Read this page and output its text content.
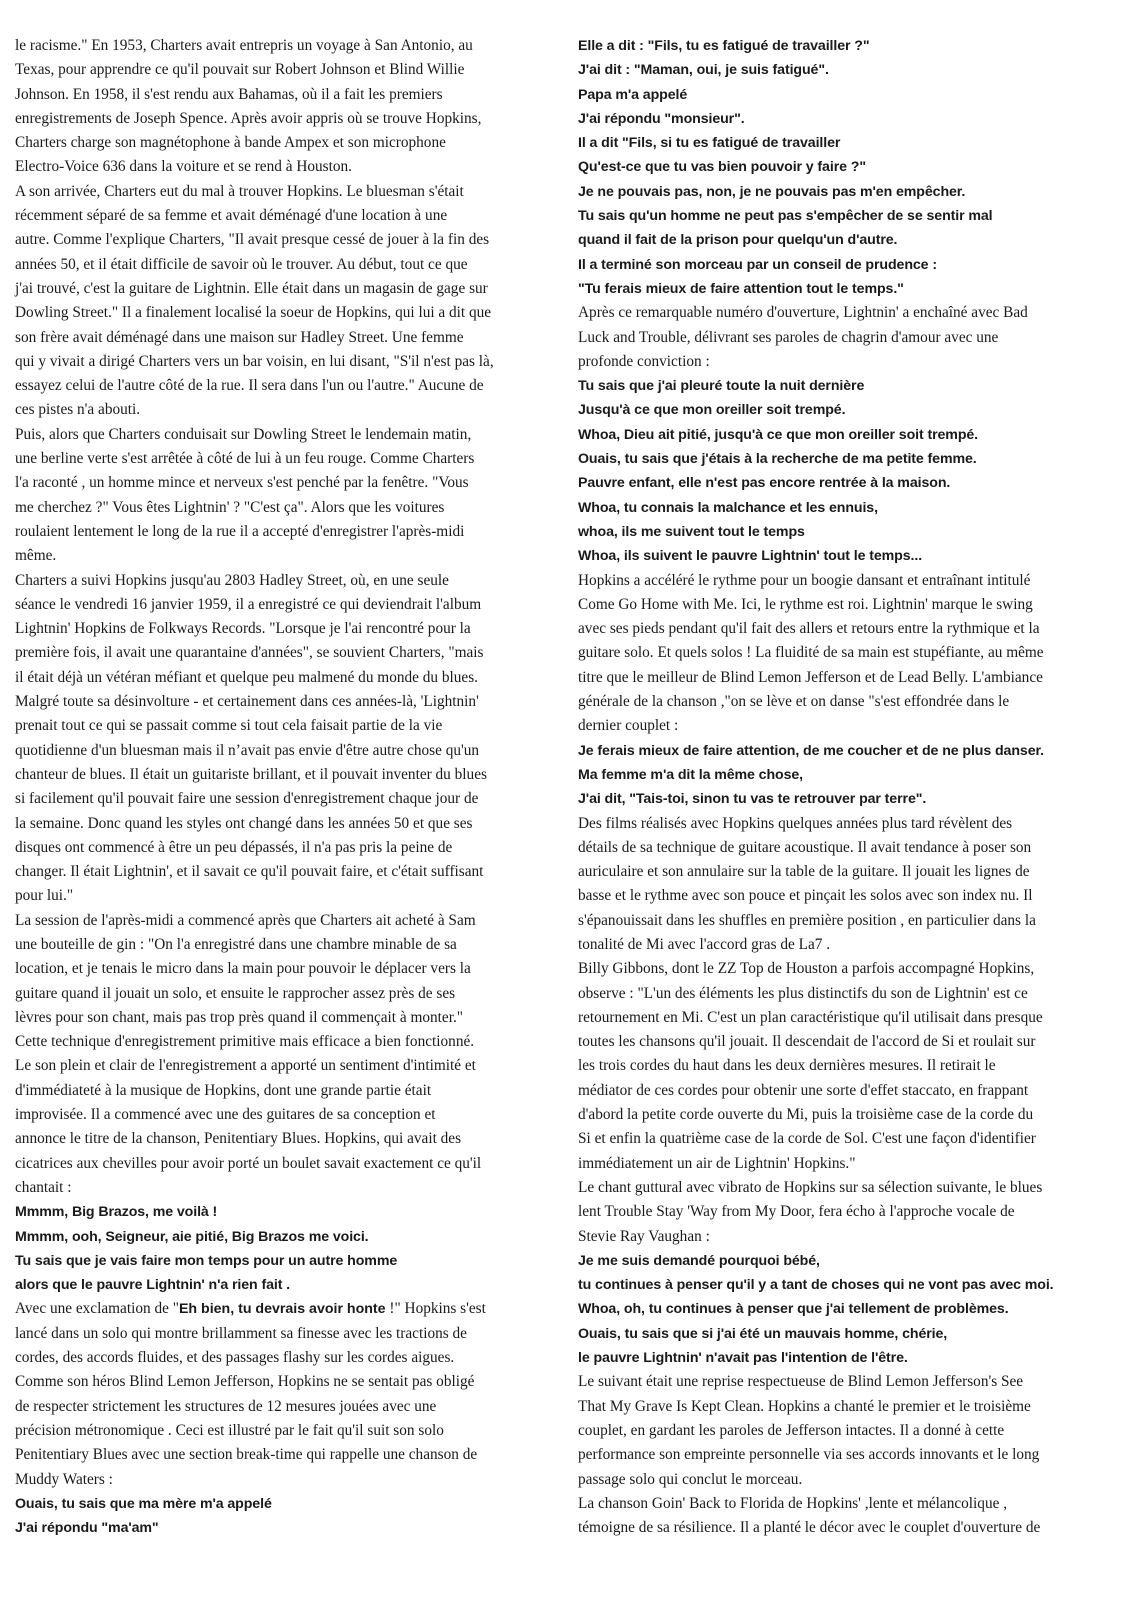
le racisme." En 1953, Charters avait entrepris un voyage à San Antonio, au

Texas, pour apprendre ce qu'il pouvait sur Robert Johnson et Blind Willie

Johnson. En 1958, il s'est rendu aux Bahamas, où il a fait les premiers

enregistrements de Joseph Spence. Après avoir appris où se trouve Hopkins,

Charters charge son magnétophone à bande Ampex et son microphone

Electro-Voice 636 dans la voiture et se rend à Houston.

A son arrivée, Charters eut du mal à trouver Hopkins. Le bluesman s'était

récemment séparé de sa femme et avait déménagé d'une location à une

autre. Comme l'explique Charters, "Il avait presque cessé de jouer à la fin des

années 50, et il était difficile de savoir où le trouver. Au début, tout ce que

j'ai trouvé, c'est la guitare de Lightnin. Elle était dans un magasin de gage sur

Dowling Street." Il a finalement localisé la soeur de Hopkins, qui lui a dit que

son frère avait déménagé dans une maison sur Hadley Street. Une femme

qui y vivait a dirigé Charters vers un bar voisin, en lui disant, "S'il n'est pas là,

essayez celui de l'autre côté de la rue. Il sera dans l'un ou l'autre." Aucune de

ces pistes n'a abouti.

Puis, alors que Charters conduisait sur Dowling Street le lendemain matin,

une berline verte s'est arrêtée à côté de lui à un feu rouge. Comme Charters

l'a raconté , un homme mince et nerveux s'est penché par la fenêtre. "Vous

me cherchez ?" Vous êtes Lightnin' ? "C'est ça". Alors que les voitures

roulaient lentement le long de la rue il a accepté d'enregistrer l'après-midi

même.

Charters a suivi Hopkins jusqu'au 2803 Hadley Street, où, en une seule

séance le vendredi 16 janvier 1959, il a enregistré ce qui deviendrait l'album

Lightnin' Hopkins de Folkways Records. "Lorsque je l'ai rencontré pour la

première fois, il avait une quarantaine d'années", se souvient Charters, "mais

il était déjà un vétéran méfiant et quelque peu malmené du monde du blues.

Malgré toute sa désinvolture - et certainement dans ces années-là, 'Lightnin'

prenait tout ce qui se passait comme si tout cela faisait partie de la vie

quotidienne d'un bluesman mais il n’avait pas envie d'être autre chose qu'un

chanteur de blues. Il était un guitariste brillant, et il pouvait inventer du blues

si facilement qu'il pouvait faire une session d'enregistrement chaque jour de

la semaine. Donc quand les styles ont changé dans les années 50 et que ses

disques ont commencé à être un peu dépassés, il n'a pas pris la peine de

changer. Il était Lightnin', et il savait ce qu'il pouvait faire, et c'était suffisant

pour lui."

La session de l'après-midi a commencé après que Charters ait acheté à Sam

une bouteille de gin : "On l'a enregistré dans une chambre minable de sa

location, et je tenais le micro dans la main pour pouvoir le déplacer vers la

guitare quand il jouait un solo, et ensuite le rapprocher assez près de ses

lèvres pour son chant, mais pas trop près quand il commençait à monter."

Cette technique d'enregistrement primitive mais efficace a bien fonctionné.

Le son plein et clair de l'enregistrement a apporté un sentiment d'intimité et

d'immédiateté à la musique de Hopkins, dont une grande partie était

improvisée. Il a commencé avec une des guitares de sa conception et

annonce le titre de la chanson, Penitentiary Blues. Hopkins, qui avait des

cicatrices aux chevilles pour avoir porté un boulet savait exactement ce qu'il

chantait :

Mmmm, Big Brazos, me voilà !

Mmmm, ooh, Seigneur, aie pitié, Big Brazos me voici.

Tu sais que je vais faire mon temps pour un autre homme

alors que le pauvre Lightnin' n'a rien fait .

Avec une exclamation de "Eh bien, tu devrais avoir honte !" Hopkins s'est

lancé dans un solo qui montre brillamment sa finesse avec les tractions de

cordes, des accords fluides, et des passages flashy sur les cordes aigues.

Comme son héros Blind Lemon Jefferson, Hopkins ne se sentait pas obligé

de respecter strictement les structures de 12 mesures jouées avec une

précision métronomique . Ceci est illustré par le fait qu'il suit son solo

Penitentiary Blues avec une section break-time qui rappelle une chanson de

Muddy Waters :

Ouais, tu sais que ma mère m'a appelé

J'ai répondu "ma'am"

Elle a dit : "Fils, tu es fatigué de travailler ?"

J'ai dit : "Maman, oui, je suis fatigué".

Papa m'a appelé

J'ai répondu "monsieur".

Il a dit "Fils, si tu es fatigué de travailler

Qu'est-ce que tu vas bien pouvoir y faire ?"

Je ne pouvais pas, non, je ne pouvais pas m'en empêcher.

Tu sais qu'un homme ne peut pas s'empêcher de se sentir mal

quand il fait de la prison pour quelqu'un d'autre.

Il a terminé son morceau par un conseil de prudence :

"Tu ferais mieux de faire attention tout le temps."

Après ce remarquable numéro d'ouverture, Lightnin' a enchaîné avec Bad

Luck and Trouble, délivrant ses paroles de chagrin d'amour avec une

profonde conviction :

Tu sais que j'ai pleuré toute la nuit dernière

Jusqu'à ce que mon oreiller soit trempé.

Whoa, Dieu ait pitié, jusqu'à ce que mon oreiller soit trempé.

Ouais, tu sais que j'étais à la recherche de ma petite femme.

Pauvre enfant, elle n'est pas encore rentrée à la maison.

Whoa, tu connais la malchance et les ennuis,

whoa, ils me suivent tout le temps

Whoa, ils suivent le pauvre Lightnin' tout le temps...

Hopkins a accéléré le rythme pour un boogie dansant et entraînant intitulé

Come Go Home with Me. Ici, le rythme est roi. Lightnin' marque le swing

avec ses pieds pendant qu'il fait des allers et retours entre la rythmique et la

guitare solo. Et quels solos ! La fluidité de sa main est stupéfiante, au même

titre que le meilleur de Blind Lemon Jefferson et de Lead Belly. L'ambiance

générale de la chanson ,"on se lève et on danse "s'est effondrée dans le

dernier couplet :

Je ferais mieux de faire attention, de me coucher et de ne plus danser.

Ma femme m'a dit la même chose,

J'ai dit, "Tais-toi, sinon tu vas te retrouver par terre".

Des films réalisés avec Hopkins quelques années plus tard révèlent des

détails de sa technique de guitare acoustique. Il avait tendance à poser son

auriculaire et son annulaire sur la table de la guitare. Il jouait les lignes de

basse et le rythme avec son pouce et pinçait les solos avec son index nu. Il

s'épanouissait dans les shuffles en première position , en particulier dans la

tonalité de Mi avec l'accord gras de La7 .

Billy Gibbons, dont le ZZ Top de Houston a parfois accompagné Hopkins,

observe : "L'un des éléments les plus distinctifs du son de Lightnin' est ce

retournement en Mi. C'est un plan caractéristique qu'il utilisait dans presque

toutes les chansons qu'il jouait. Il descendait de l'accord de Si et roulait sur

les trois cordes du haut dans les deux dernières mesures. Il retirait le

médiator de ces cordes pour obtenir une sorte d'effet staccato, en frappant

d'abord la petite corde ouverte du Mi, puis la troisième case de la corde du

Si et enfin la quatrième case de la corde de Sol. C'est une façon d'identifier

immédiatement un air de Lightnin' Hopkins."

Le chant guttural avec vibrato de Hopkins sur sa sélection suivante, le blues

lent Trouble Stay 'Way from My Door, fera écho à l'approche vocale de

Stevie Ray Vaughan :

Je me suis demandé pourquoi bébé,

tu continues à penser qu'il y a tant de choses qui ne vont pas avec moi.

Whoa, oh, tu continues à penser que j'ai tellement de problèmes.

Ouais, tu sais que si j'ai été un mauvais homme, chérie,

le pauvre Lightnin' n'avait pas l'intention de l'être.

Le suivant était une reprise respectueuse de Blind Lemon Jefferson's See

That My Grave Is Kept Clean. Hopkins a chanté le premier et le troisième

couplet, en gardant les paroles de Jefferson intactes. Il a donné à cette

performance son empreinte personnelle via ses accords innovants et le long

passage solo qui conclut le morceau.

La chanson Goin' Back to Florida de Hopkins' ,lente et mélancolique ,

témoigne de sa résilience. Il a planté le décor avec le couplet d'ouverture de
